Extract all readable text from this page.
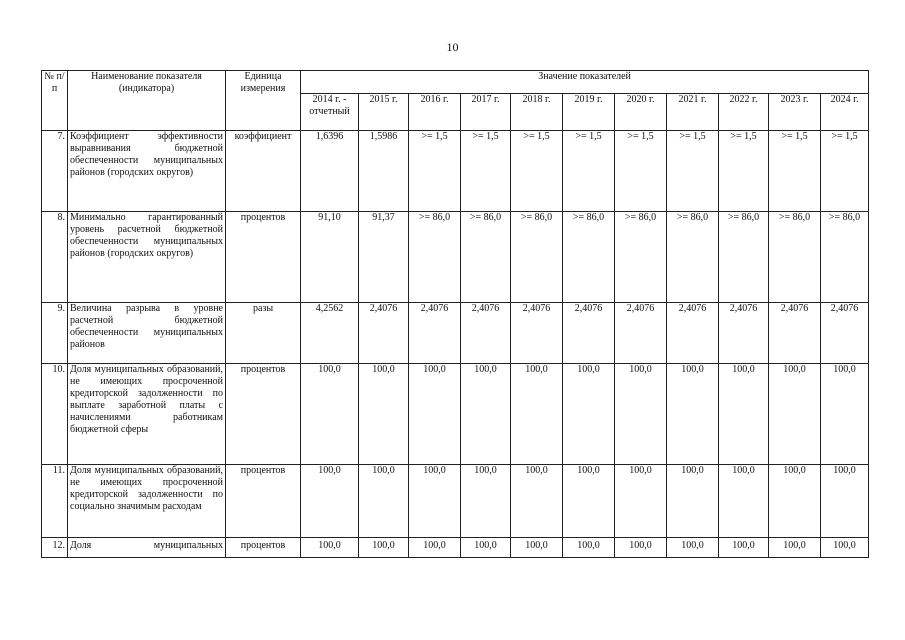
10
№ п/п	Наименование показателя (индикатора)	Единица измерения	Значение показателей										
			2014 г. - отчетный	2015 г.	2016 г.	2017 г.	2018 г.	2019 г.	2020 г.	2021 г.	2022 г.	2023 г.	2024 г.
7.	Коэффициент эффективности выравнивания бюджетной обеспеченности муниципальных районов (городских округов)	коэффициент	1,6396	1,5986	>= 1,5	>= 1,5	>= 1,5	>= 1,5	>= 1,5	>= 1,5	>= 1,5	>= 1,5	>= 1,5
8.	Минимально гарантированный уровень расчетной бюджетной обеспеченности муниципальных районов (городских округов)	процентов	91,10	91,37	>= 86,0	>= 86,0	>= 86,0	>= 86,0	>= 86,0	>= 86,0	>= 86,0	>= 86,0	>= 86,0
9.	Величина разрыва в уровне расчетной бюджетной обеспеченности муниципальных районов	разы	4,2562	2,4076	2,4076	2,4076	2,4076	2,4076	2,4076	2,4076	2,4076	2,4076	2,4076
10.	Доля муниципальных образований, не имеющих просроченной кредиторской задолженности по выплате заработной платы с начислениями работникам бюджетной сферы	процентов	100,0	100,0	100,0	100,0	100,0	100,0	100,0	100,0	100,0	100,0	100,0
11.	Доля муниципальных образований, не имеющих просроченной кредиторской задолженности по социально значимым расходам	процентов	100,0	100,0	100,0	100,0	100,0	100,0	100,0	100,0	100,0	100,0	100,0
12.	Доля муниципальных	процентов	100,0	100,0	100,0	100,0	100,0	100,0	100,0	100,0	100,0	100,0	100,0
